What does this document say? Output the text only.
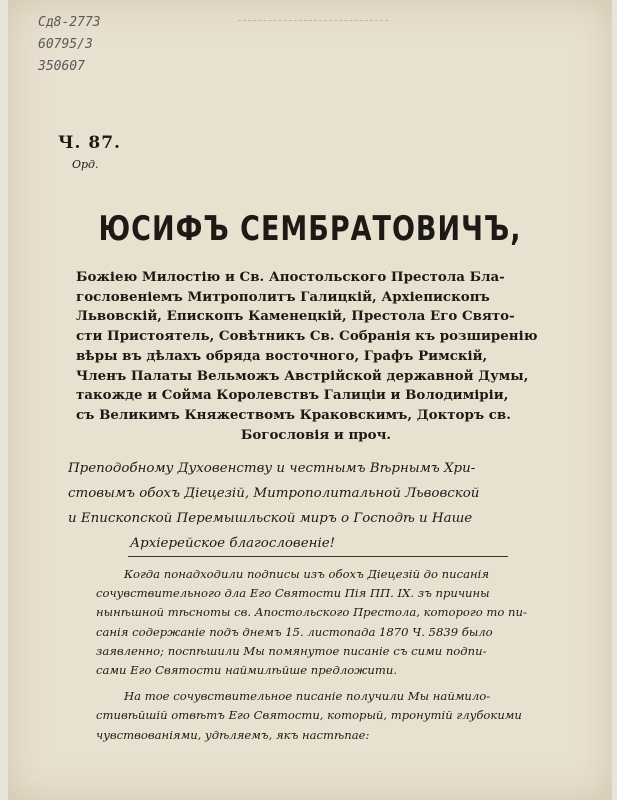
Сд8-2773
60795/3
350607
Ч. 87.
Орд.
ЮСИФЪ СЕМБРАТОВИЧЪ,
Божіею Милостію и Св. Апостольского Престола Бла-
гословеніемъ Митрополитъ Галицкій, Архіепископъ
Львовскій, Епископъ Каменецкій, Престола Его Свято-
сти Пристоятель, Совѣтникъ Св. Собранія къ розширенію
вѣры въ дѣлахъ обряда восточного, Графъ Римскій,
Членъ Палаты Вельможъ Австрійской державной Думы,
такожде и Сойма Королевствъ Галиціи и Володиміріи,
съ Великимъ Княжествомъ Краковскимъ, Докторъ св.
Богословія и проч.
Преподобному Духовенству и честнымъ Вѣрнымъ Хри-
стовымъ обохъ Діецезій, Митрополитальной Львовской
и Епископской Перемышльской миръ о Господѣ и Наше
Архіерейское благословеніе!
Когда понадходили подписы изъ обохъ Діецезій до писанія
сочувствительного дла Его Святости Пія ПП. IX. зъ причины
нынѣшной тѣсноты св. Апостольского Престола, которого то пи-
санія содержаніе подъ днемъ 15. листопада 1870 Ч. 5839 было
заявленно; поспѣшили Мы помянутое писаніе съ сими подпи-
сами Его Святости наймилѣйше предложити.
На тое сочувствительное писаніе получили Мы наймило-
стивѣйшій отвѣтъ Его Святости, который, тронутій глубокими
чувствованіями, удѣляемъ, якъ настѣпае:
